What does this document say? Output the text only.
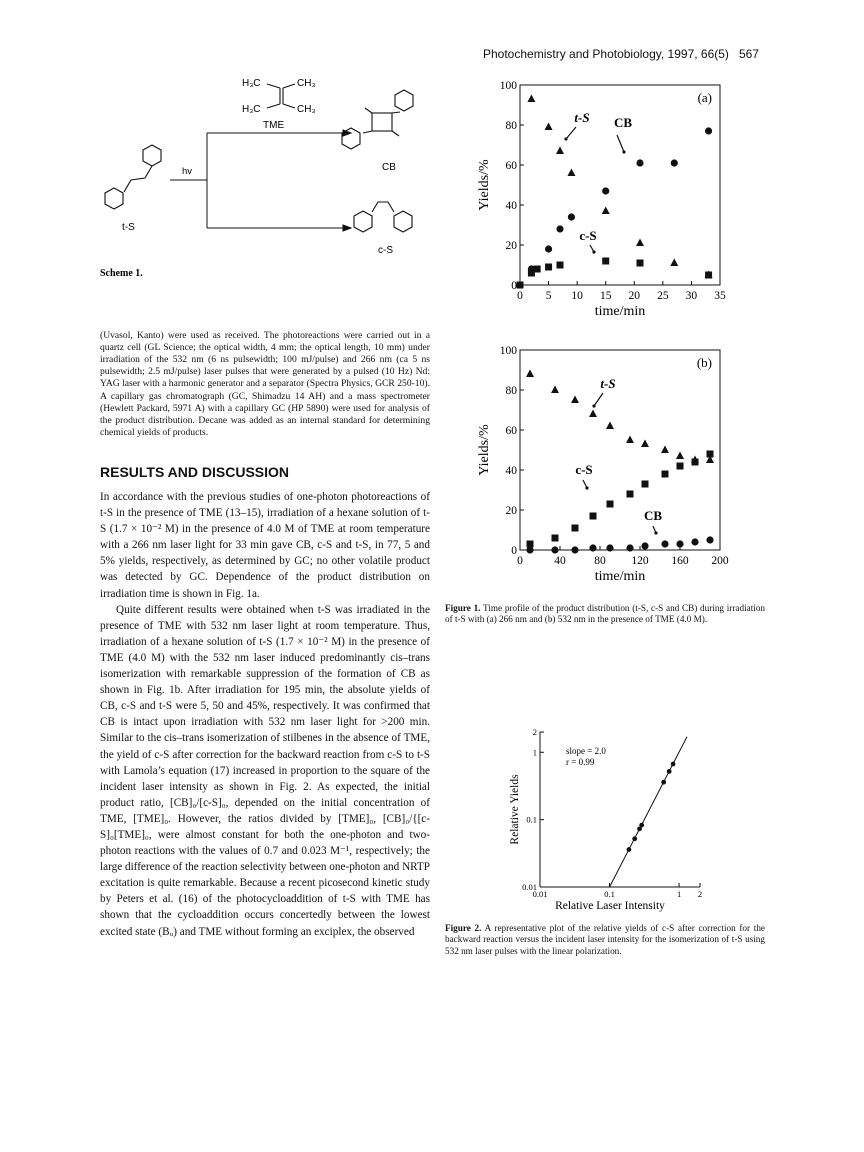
Photochemistry and Photobiology, 1997, 66(5) 567
H₃C	CH₃
H₃C	CH₃
TME
hv
t-S
CB
c-S
Scheme 1.

(Uvasol, Kanto) were used as received. The photoreactions were carried out in a quartz cell (GL Science; the optical width, 4 mm; the optical length, 10 mm) under irradiation of the 532 nm (6 ns pulsewidth; 100 mJ/pulse) and 266 nm (ca 5 ns pulsewidth; 2.5 mJ/pulse) laser pulses that were generated by a pulsed (10 Hz) Nd: YAG laser with a harmonic generator and a separator (Spectra Physics, GCR 250-10). A capillary gas chromatograph (GC, Shimadzu 14 AH) and a mass spectrometer (Hewlett Packard, 5971 A) with a capillary GC (HP 5890) were used for analysis of the product distribution. Decane was added as an internal standard for determining chemical yields of products.

RESULTS AND DISCUSSION

In accordance with the previous studies of one-photon photoreactions of t-S in the presence of TME (13–15), irradiation of a hexane solution of t-S (1.7 × 10⁻² M) in the presence of 4.0 M of TME at room temperature with a 266 nm laser light for 33 min gave CB, c-S and t-S, in 77, 5 and 5% yields, respectively, as determined by GC; no other volatile product was detected by GC. Dependence of the product distribution on irradiation time is shown in Fig. 1a.

Quite different results were obtained when t-S was irradiated in the presence of TME with 532 nm laser light at room temperature. Thus, irradiation of a hexane solution of t-S (1.7 × 10⁻² M) in the presence of TME (4.0 M) with the 532 nm laser induced predominantly cis–trans isomerization with remarkable suppression of the formation of CB as shown in Fig. 1b. After irradiation for 195 min, the absolute yields of CB, c-S and t-S were 5, 50 and 45%, respectively. It was confirmed that CB is intact upon irradiation with 532 nm laser light for >200 min. Similar to the cis–trans isomerization of stilbenes in the absence of TME, the yield of c-S after correction for the backward reaction from c-S to t-S with Lamola’s equation (17) increased in proportion to the square of the incident laser intensity as shown in Fig. 2. As expected, the initial product ratio, [CB]₀/[c-S]₀, depended on the initial concentration of TME, [TME]₀. However, the ratios divided by [TME]₀, [CB]₀/{[c-S]₀[TME]₀, were almost constant for both the one-photon and two-photon reactions with the values of 0.7 and 0.023 M⁻¹, respectively; the large difference of the reaction selectivity between one-photon and NRTP excitation is quite remarkable. Because a recent picosecond kinetic study by Peters et al. (16) of the photocycloaddition of t-S with TME has shown that the cycloaddition occurs concertedly between the lowest excited state (Bᵤ) and TME without forming an exciplex, the observed

0 5 10 15 20 25 30 35
0
20
40
60
80
100
time/min
Yields/%
(a)
t-S CB
c-S
0	40 80 120 160 200
0
20
40
60
80
100
time/min
Yields/%
(b)
t-S
c-S
CB
Figure 1. Time profile of the product distribution (t-S, c-S and CB) during irradiation of t-S with (a) 266 nm and (b) 532 nm in the presence of TME (4.0 M).
0.01	0.1	1 2
0.01
0.1
1
2
Relative Laser Intensity
Relative Yields
slope = 2.0
r = 0.99
Figure 2. A representative plot of the relative yields of c-S after correction for the backward reaction versus the incident laser intensity for the isomerization of t-S using 532 nm laser pulses with the linear polarization.
